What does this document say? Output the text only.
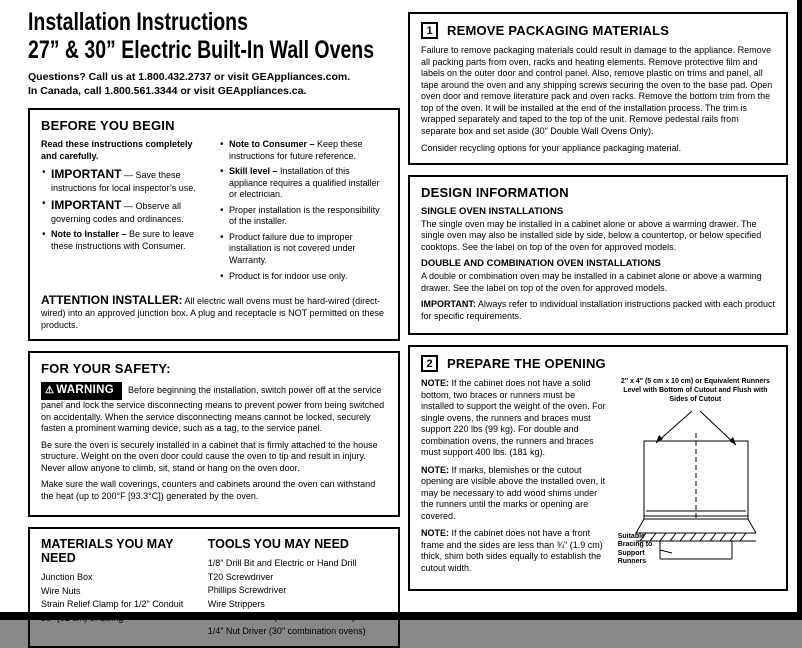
Installation Instructions
27” & 30” Electric Built-In Wall Ovens
Questions? Call us at 1.800.432.2737 or visit GEAppliances.com.
In Canada, call 1.800.561.3344 or visit GEAppliances.ca.
BEFORE YOU BEGIN
Read these instructions completely and carefully.
• IMPORTANT — Save these instructions for local inspector’s use.
• IMPORTANT — Observe all governing codes and ordinances.
• Note to Installer – Be sure to leave these instructions with Consumer.
• Note to Consumer – Keep these instructions for future reference.
• Skill level – Installation of this appliance requires a qualified installer or electrician.
• Proper installation is the responsibility of the installer.
• Product failure due to improper installation is not covered under Warranty.
• Product is for indoor use only.

ATTENTION INSTALLER: All electric wall ovens must be hard-wired (direct-wired) into an approved junction box. A plug and receptacle is NOT permitted on these products.

FOR YOUR SAFETY:

⚠ WARNING Before beginning the installation, switch power off at the service panel and lock the service disconnecting means to prevent power from being switched on accidentally. When the service disconnecting means cannot be locked, securely fasten a prominent warning device, such as a tag, to the service panel.

Be sure the oven is securely installed in a cabinet that is firmly attached to the house structure. Weight on the oven door could cause the oven to tip and result in injury. Never allow anyone to climb, sit, stand or hang on the oven door.

Make sure the wall coverings, counters and cabinets around the oven can withstand the heat (up to 200°F [93.3°C]) generated by the oven.

MATERIALS YOU MAY NEED
Junction Box
Wire Nuts
Strain Relief Clamp for 1/2" Conduit
TOOLS YOU MAY NEED
1/8" Drill Bit and Electric or Hand Drill
T20 Screwdriver
Phillips Screwdriver
Wire Strippers
1/4" Nut Driver (30" combination ovens)
1	REMOVE PACKAGING MATERIALS

Failure to remove packaging materials could result in damage to the appliance. Remove all packing parts from oven, racks and heating elements. Remove protective film and labels on the outer door and control panel. Also, remove plastic on trims and panel, all tape around the oven and any shipping screws securing the oven to the base pad. Open oven door and remove literature pack and oven racks. Remove the bottom trim from the top of the oven. It will be installed at the end of the installation process. The trim is wrapped separately and taped to the top of the unit. Remove pedestal rails from separate box and set aside (30" Double Wall Ovens Only).

Consider recycling options for your appliance packaging material.

DESIGN INFORMATION
SINGLE OVEN INSTALLATIONS

The single oven may be installed in a cabinet alone or above a warming drawer. The single oven may also be installed side by side, below a countertop, or below specified cooktops. See the label on top of the oven for approved models.

DOUBLE AND COMBINATION OVEN INSTALLATIONS

A double or combination oven may be installed in a cabinet alone or above a warming drawer. See the label on top of the oven for approved models.

IMPORTANT: Always refer to individual installation instructions packed with each product for specific requirements.

2	PREPARE THE OPENING

NOTE: If the cabinet does not have a solid bottom, two braces or runners must be installed to support the weight of the oven. For single ovens, the runners and braces must support 220 lbs (99 kg). For double and combination ovens, the runners and braces must support 400 lbs. (181 kg).

NOTE: If marks, blemishes or the cutout opening are visible above the installed oven, it may be necessary to add wood shims under the runners until the marks or opening are covered.

NOTE: If the cabinet does not have a front frame and the sides are less than ¾" (1.9 cm) thick, shim both sides equally to establish the cutout width.

2" x 4" (5 cm x 10 cm) or Equivalent Runners Level with Bottom of Cutout and Flush with Sides of Cutout
Suitable Bracing to Support Runners
